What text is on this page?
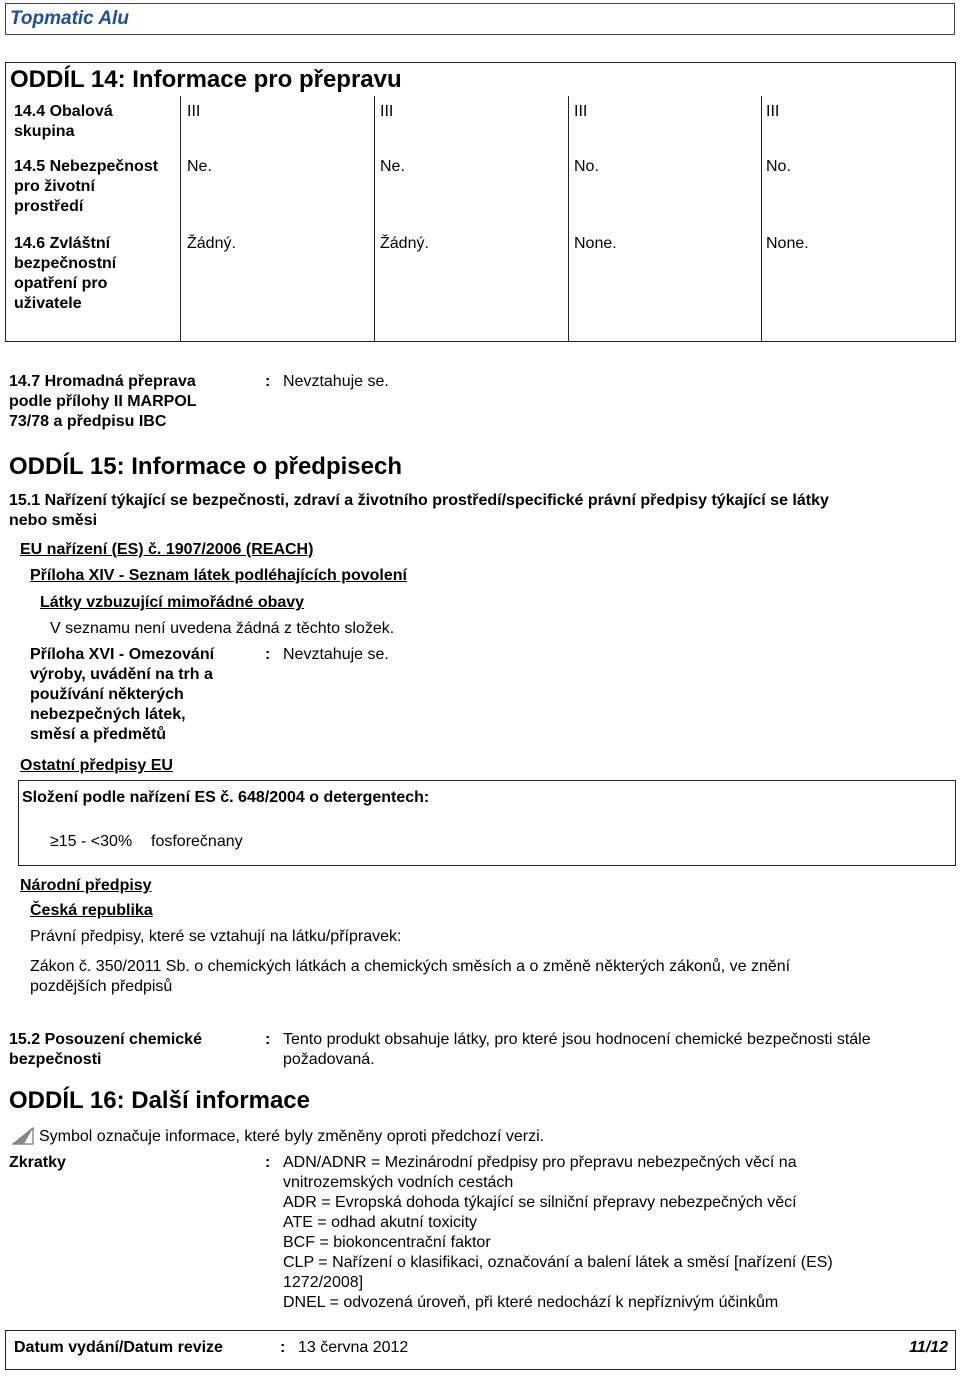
Topmatic Alu
ODDÍL 14: Informace pro přepravu
14.4 Obalová
skupina
III	III	III	III
14.5 Nebezpečnost
pro životní
prostředí
Ne.	Ne.	No.	No.
14.6 Zvláštní
bezpečnostní
opatření pro
uživatele
Žádný.	Žádný.	None.	None.
14.7 Hromadná přeprava
podle přílohy II MARPOL
73/78 a předpisu IBC
: Nevztahuje se.
ODDÍL 15: Informace o předpisech
15.1 Nařízení týkající se bezpečnosti, zdraví a životního prostředí/specifické právní předpisy týkající se látky
nebo směsi
EU nařízení (ES) č. 1907/2006 (REACH)
Příloha XIV - Seznam látek podléhajících povolení
Látky vzbuzující mimořádné obavy
V seznamu není uvedena žádná z těchto složek.
Příloha XVI - Omezování
výroby, uvádění na trh a
používání některých
nebezpečných látek,
směsí a předmětů
: Nevztahuje se.
Ostatní předpisy EU
Složení podle nařízení ES č. 648/2004 o detergentech:
≥15 - <30% fosforečnany
Národní předpisy
Česká republika
Právní předpisy, které se vztahují na látku/přípravek:
Zákon č. 350/2011 Sb. o chemických látkách a chemických směsích a o změně některých zákonů, ve znění
pozdějších předpisů
15.2 Posouzení chemické
bezpečnosti
: Tento produkt obsahuje látky, pro které jsou hodnocení chemické bezpečnosti stále
požadovaná.
ODDÍL 16: Další informace
Symbol označuje informace, které byly změněny oproti předchozí verzi.
Zkratky	: ADN/ADNR = Mezinárodní předpisy pro přepravu nebezpečných věcí na
vnitrozemských vodních cestách
ADR = Evropská dohoda týkající se silniční přepravy nebezpečných věcí
ATE = odhad akutní toxicity
BCF = biokoncentrační faktor
CLP = Nařízení o klasifikaci, označování a balení látek a směsí [nařízení (ES)
1272/2008]
DNEL = odvozená úroveň, při které nedochází k nepříznivým účinkům
Datum vydání/Datum revize	: 13 června 2012	11/12
